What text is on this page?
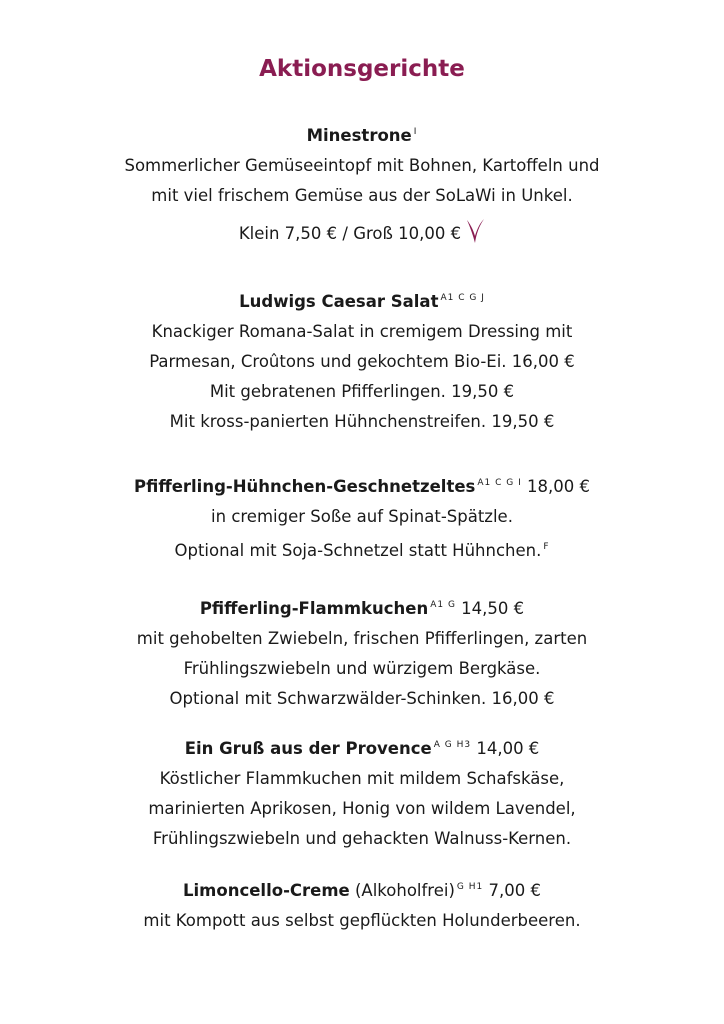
Aktionsgerichte
Minestrone $^I$
Sommerlicher Gemüseeintopf mit Bohnen, Kartoffeln und
mit viel frischem Gemüse aus der SoLaWi in Unkel.
Klein 7,50 € / Groß 10,00 €
Ludwigs Caesar Salat $^{A1 C G J}$
Knackiger Romana-Salat in cremigem Dressing mit
Parmesan, Croûtons und gekochtem Bio-Ei. 16,00 €
Mit gebratenen Pfifferlingen. 19,50 €
Mit kross-panierten Hühnchenstreifen. 19,50 €
Pfifferling-Hühnchen-Geschnetzeltes $^{A1 C G I}$ 18,00 €
in cremiger Soße auf Spinat-Spätzle.
Optional mit Soja-Schnetzel statt Hühnchen. $^F$
Pfifferling-Flammkuchen $^{A1 G}$ 14,50 €
mit gehobelten Zwiebeln, frischen Pfifferlingen, zarten
Frühlingszwiebeln und würzigem Bergkäse.
Optional mit Schwarzwälder-Schinken. 16,00 €
Ein Gruß aus der Provence $^{A G H3}$ 14,00 €
Köstlicher Flammkuchen mit mildem Schafskäse,
marinierten Aprikosen, Honig von wildem Lavendel,
Frühlingszwiebeln und gehackten Walnuss-Kernen.
Limoncello-Creme (Alkoholfrei) $^{G H1}$ 7,00 €
mit Kompott aus selbst gepflückten Holunderbeeren.
